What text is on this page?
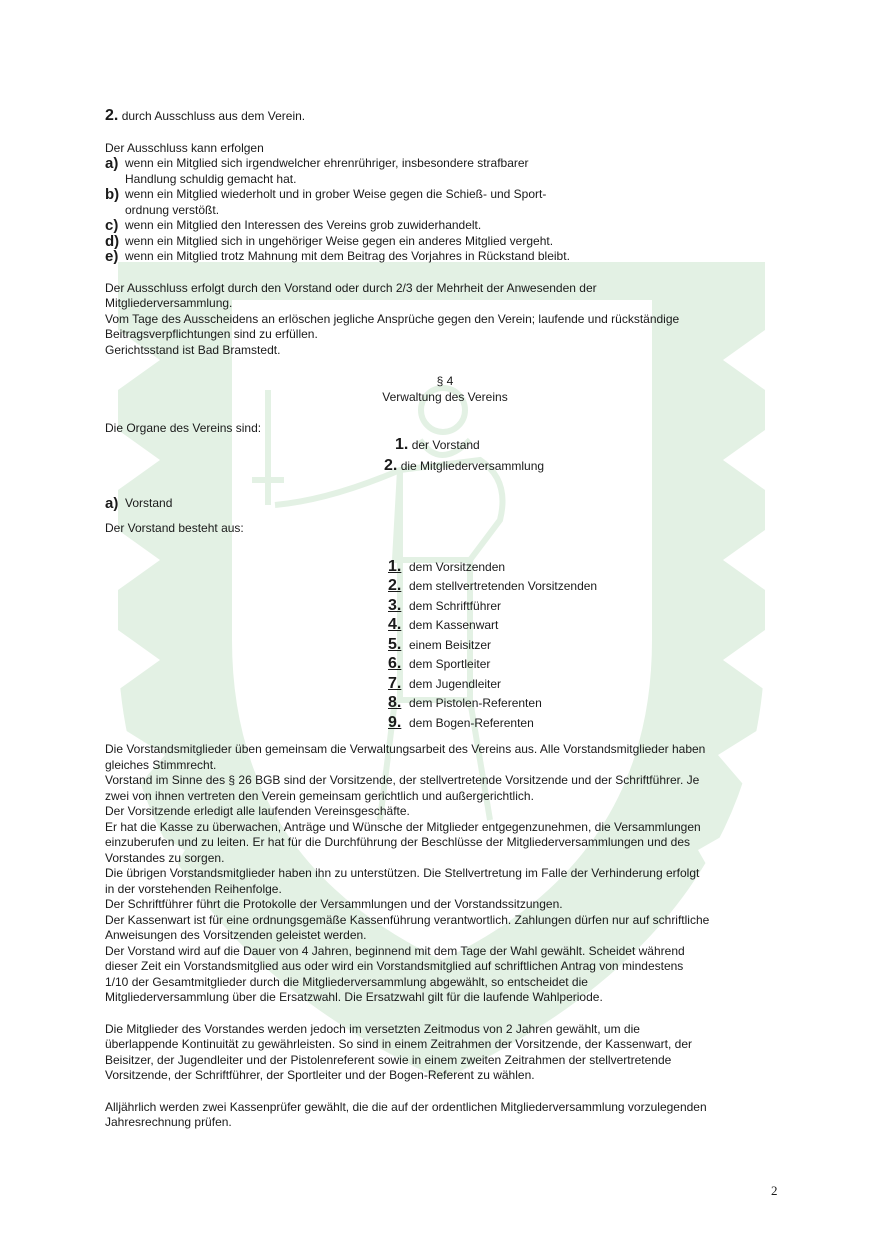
2. durch Ausschluss aus dem Verein.

Der Ausschluss kann erfolgen

a) wenn ein Mitglied sich irgendwelcher ehrenrühriger, insbesondere strafbarer

Handlung schuldig gemacht hat.

b) wenn ein Mitglied wiederholt und in grober Weise gegen die Schieß- und Sport-

ordnung verstößt.

c) wenn ein Mitglied den Interessen des Vereins grob zuwiderhandelt.

d) wenn ein Mitglied sich in ungehöriger Weise gegen ein anderes Mitglied vergeht.

e) wenn ein Mitglied trotz Mahnung mit dem Beitrag des Vorjahres in Rückstand bleibt.

Der Ausschluss erfolgt durch den Vorstand oder durch 2/3 der Mehrheit der Anwesenden der

Mitgliederversammlung.

Vom Tage des Ausscheidens an erlöschen jegliche Ansprüche gegen den Verein; laufende und rückständige

Beitragsverpflichtungen sind zu erfüllen.

Gerichtsstand ist Bad Bramstedt.

§ 4

Verwaltung des Vereins

Die Organe des Vereins sind:

1. der Vorstand

2. die Mitgliederversammlung

a) Vorstand

Der Vorstand besteht aus:

1. dem Vorsitzenden
2. dem stellvertretenden Vorsitzenden
3. dem Schriftführer
4. dem Kassenwart
5. einem Beisitzer
6. dem Sportleiter
7. dem Jugendleiter
8. dem Pistolen-Referenten
9. dem Bogen-Referenten

Die Vorstandsmitglieder üben gemeinsam die Verwaltungsarbeit des Vereins aus. Alle Vorstandsmitglieder haben

gleiches Stimmrecht.

Vorstand im Sinne des § 26 BGB sind der Vorsitzende, der stellvertretende Vorsitzende und der Schriftführer. Je

zwei von ihnen vertreten den Verein gemeinsam gerichtlich und außergerichtlich.

Der Vorsitzende erledigt alle laufenden Vereinsgeschäfte.

Er hat die Kasse zu überwachen, Anträge und Wünsche der Mitglieder entgegenzunehmen, die Versammlungen

einzuberufen und zu leiten. Er hat für die Durchführung der Beschlüsse der Mitgliederversammlungen und des

Vorstandes zu sorgen.

Die übrigen Vorstandsmitglieder haben ihn zu unterstützen. Die Stellvertretung im Falle der Verhinderung erfolgt

in der vorstehenden Reihenfolge.

Der Schriftführer führt die Protokolle der Versammlungen und der Vorstandssitzungen.

Der Kassenwart ist für eine ordnungsgemäße Kassenführung verantwortlich. Zahlungen dürfen nur auf schriftliche

Anweisungen des Vorsitzenden geleistet werden.

Der Vorstand wird auf die Dauer von 4 Jahren, beginnend mit dem Tage der Wahl gewählt. Scheidet während

dieser Zeit ein Vorstandsmitglied aus oder wird ein Vorstandsmitglied auf schriftlichen Antrag von mindestens

1/10 der Gesamtmitglieder durch die Mitgliederversammlung abgewählt, so entscheidet die

Mitgliederversammlung über die Ersatzwahl. Die Ersatzwahl gilt für die laufende Wahlperiode.

Die Mitglieder des Vorstandes werden jedoch im versetzten Zeitmodus von 2 Jahren gewählt, um die

überlappende Kontinuität zu gewährleisten. So sind in einem Zeitrahmen der Vorsitzende, der Kassenwart, der

Beisitzer, der Jugendleiter und der Pistolenreferent sowie in einem zweiten Zeitrahmen der stellvertretende

Vorsitzende, der Schriftführer, der Sportleiter und der Bogen-Referent zu wählen.

Alljährlich werden zwei Kassenprüfer gewählt, die die auf der ordentlichen Mitgliederversammlung vorzulegenden

Jahresrechnung prüfen.

2
